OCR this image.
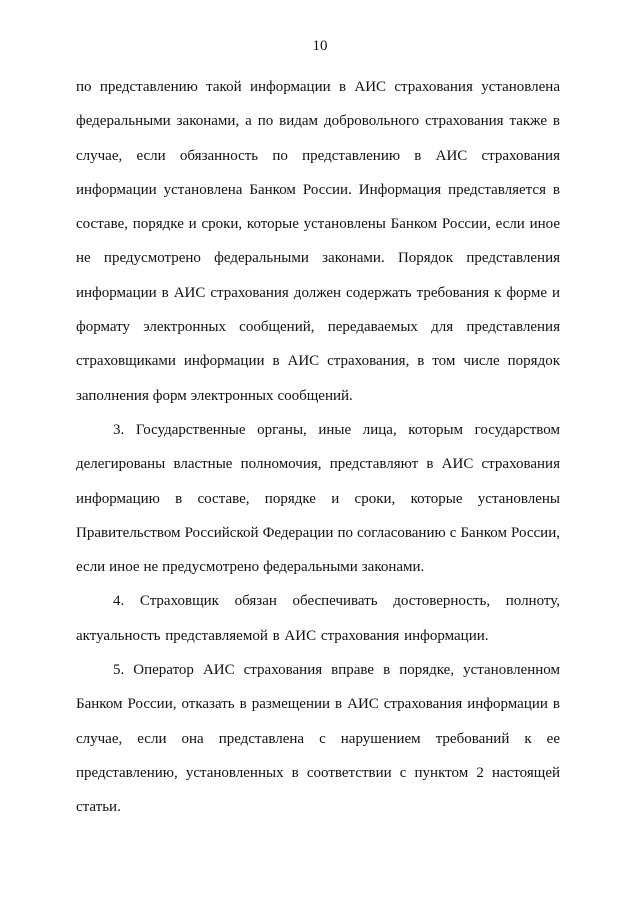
10

по представлению такой информации в АИС страхования установлена федеральными законами, а по видам добровольного страхования также в случае, если обязанность по представлению в АИС страхования информации установлена Банком России. Информация представляется в составе, порядке и сроки, которые установлены Банком России, если иное не предусмотрено федеральными законами. Порядок представления информации в АИС страхования должен содержать требования к форме и формату электронных сообщений, передаваемых для представления страховщиками информации в АИС страхования, в том числе порядок заполнения форм электронных сообщений.

3. Государственные органы, иные лица, которым государством делегированы властные полномочия, представляют в АИС страхования информацию в составе, порядке и сроки, которые установлены Правительством Российской Федерации по согласованию с Банком России, если иное не предусмотрено федеральными законами.

4. Страховщик обязан обеспечивать достоверность, полноту, актуальность представляемой в АИС страхования информации.

5. Оператор АИС страхования вправе в порядке, установленном Банком России, отказать в размещении в АИС страхования информации в случае, если она представлена с нарушением требований к ее представлению, установленных в соответствии с пунктом 2 настоящей статьи.
